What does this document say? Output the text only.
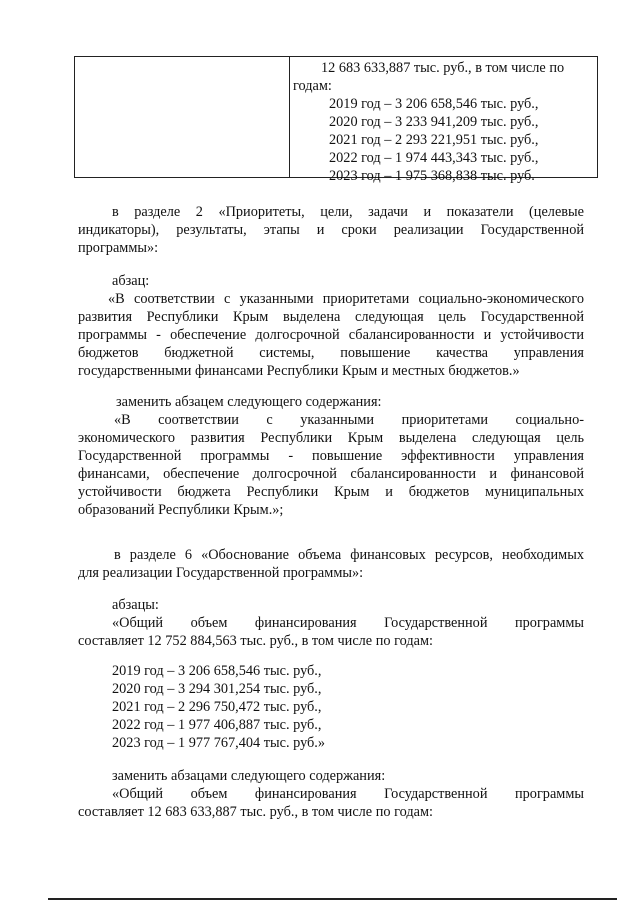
12 683 633,887 тыс. руб., в том числе по
годам:
2019 год – 3 206 658,546 тыс. руб.,
2020 год – 3 233 941,209 тыс. руб.,
2021 год – 2 293 221,951 тыс. руб.,
2022 год – 1 974 443,343 тыс. руб.,
2023 год – 1 975 368,838 тыс. руб.
в разделе 2 «Приоритеты, цели, задачи и показатели (целевые
индикаторы), результаты, этапы и сроки реализации Государственной
программы»:
абзац:
«В соответствии с указанными приоритетами социально-экономического
развития Республики Крым выделена следующая цель Государственной
программы - обеспечение долгосрочной сбалансированности и устойчивости
бюджетов бюджетной системы, повышение качества управления
государственными финансами Республики Крым и местных бюджетов.»
заменить абзацем следующего содержания:
«В соответствии с указанными приоритетами социально-
экономического развития Республики Крым выделена следующая цель
Государственной программы - повышение эффективности управления
финансами, обеспечение долгосрочной сбалансированности и финансовой
устойчивости бюджета Республики Крым и бюджетов муниципальных
образований Республики Крым.»;
в разделе 6 «Обоснование объема финансовых ресурсов, необходимых
для реализации Государственной программы»:
абзацы:
«Общий объем финансирования Государственной программы
составляет 12 752 884,563 тыс. руб., в том числе по годам:
2019 год – 3 206 658,546 тыс. руб.,
2020 год – 3 294 301,254 тыс. руб.,
2021 год – 2 296 750,472 тыс. руб.,
2022 год – 1 977 406,887 тыс. руб.,
2023 год – 1 977 767,404 тыс. руб.»
заменить абзацами следующего содержания:
«Общий объем финансирования Государственной программы
составляет 12 683 633,887 тыс. руб., в том числе по годам:
